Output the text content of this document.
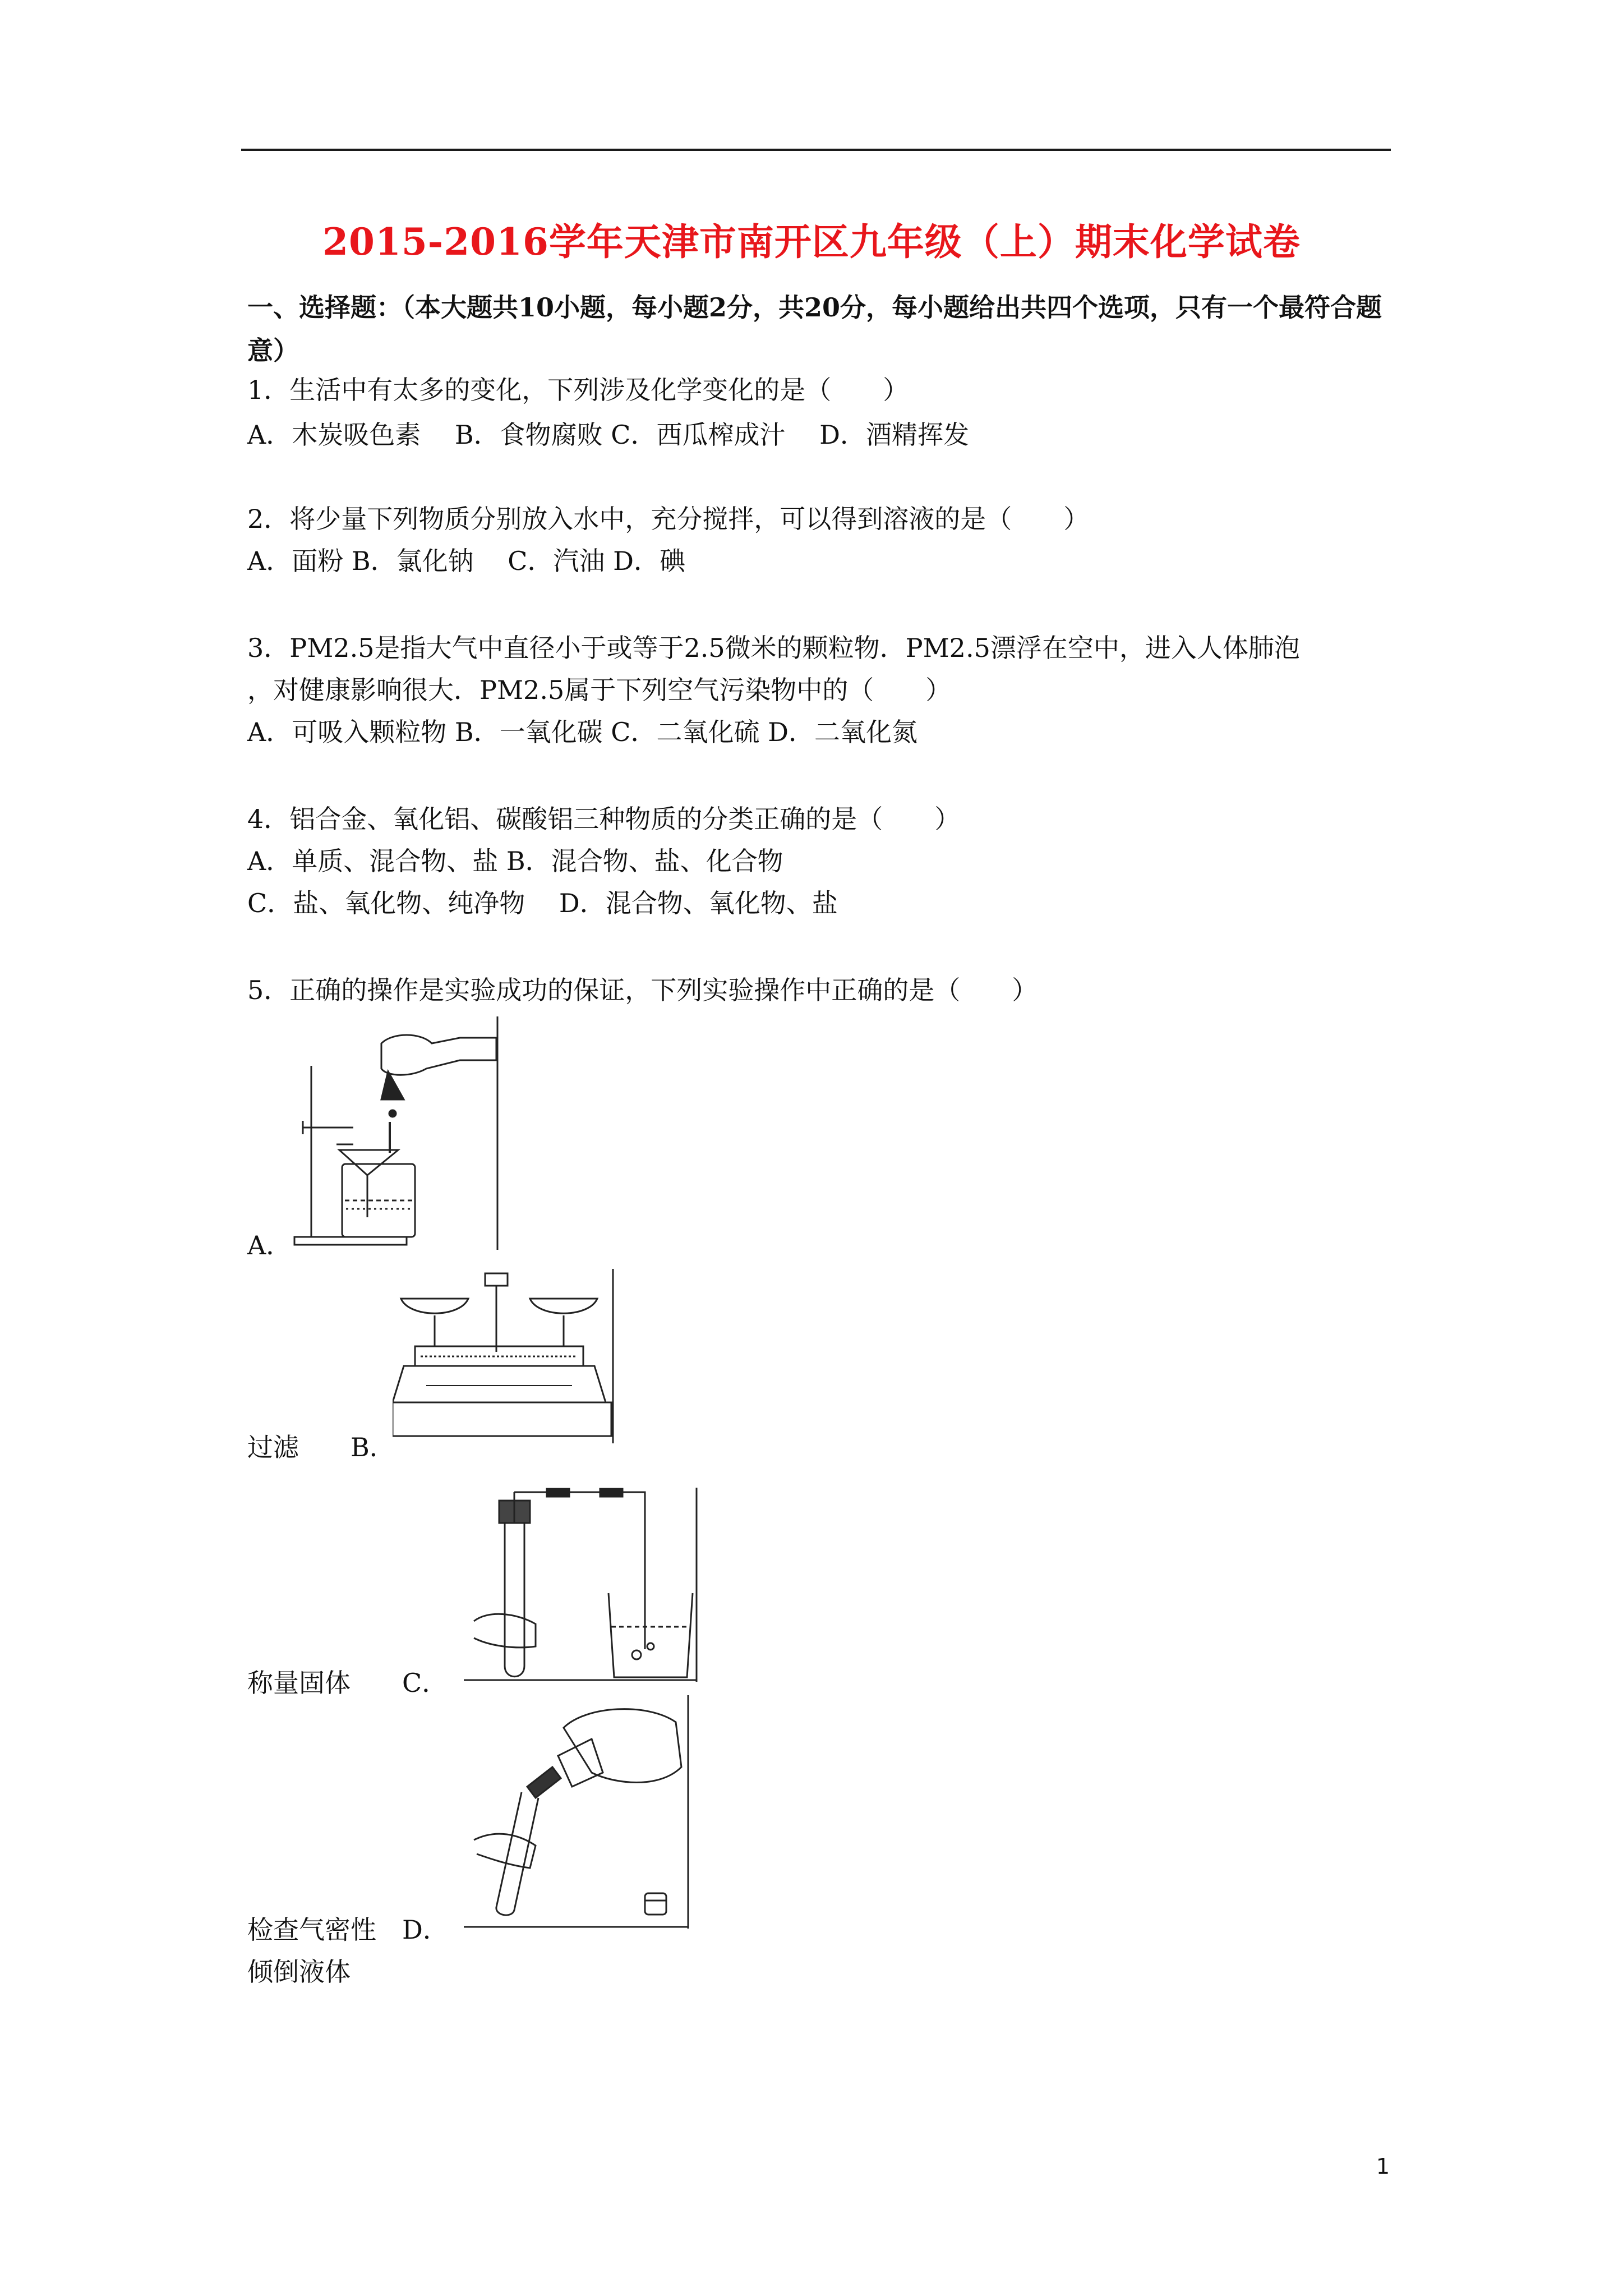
2015-2016学年天津市南开区九年级（上）期末化学试卷
一、选择题：（本大题共10小题，每小题2分，共20分，每小题给出共四个选项，只有一个最符合题意）
1．生活中有太多的变化，下列涉及化学变化的是（　　）
A．木炭吸色素　 B．食物腐败 C．西瓜榨成汁　 D．酒精挥发
2．将少量下列物质分别放入水中，充分搅拌，可以得到溶液的是（　　）
A．面粉 B．氯化钠　 C．汽油 D．碘
3．PM2.5是指大气中直径小于或等于2.5微米的颗粒物．PM2.5漂浮在空中，进入人体肺泡
，对健康影响很大．PM2.5属于下列空气污染物中的（　　）
A．可吸入颗粒物 B．一氧化碳 C．二氧化硫 D．二氧化氮
4．铝合金、氧化铝、碳酸铝三种物质的分类正确的是（　　）
A．单质、混合物、盐 B．混合物、盐、化合物
C．盐、氧化物、纯净物　 D．混合物、氧化物、盐
5．正确的操作是实验成功的保证，下列实验操作中正确的是（　　）
A．
过滤　　B．
称量固体　　C．
检查气密性　D．
倾倒液体
1
